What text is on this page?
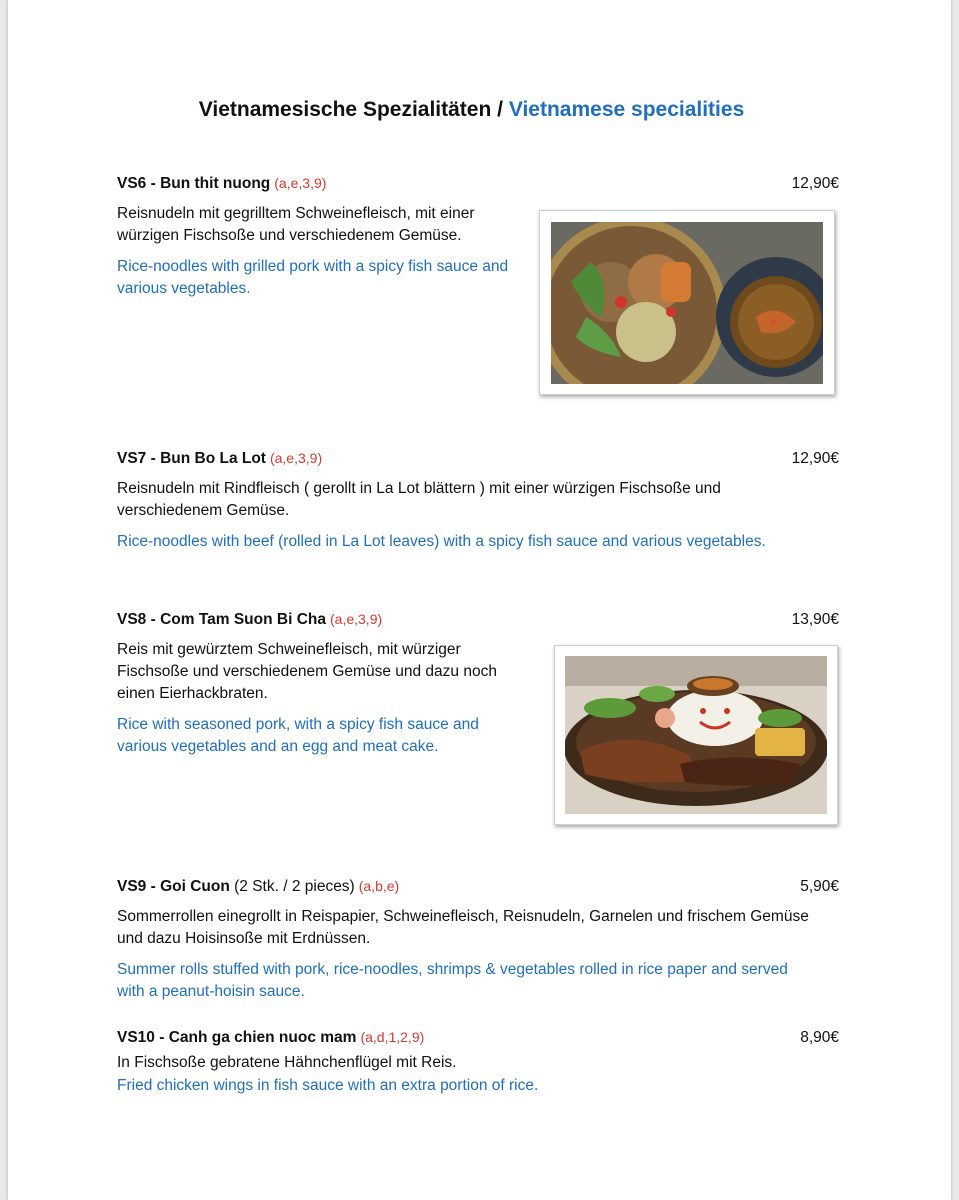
Vietnamesische Spezialitäten / Vietnamese specialities
VS6 - Bun thit nuong (a,e,3,9)	12,90€

Reisnudeln mit gegrilltem Schweinefleisch, mit einer würzigen Fischsoße und verschiedenem Gemüse.

Rice-noodles with grilled pork with a spicy fish sauce and various vegetables.

VS7 - Bun Bo La Lot (a,e,3,9)	12,90€

Reisnudeln mit Rindfleisch ( gerollt in La Lot blättern ) mit einer würzigen Fischsoße und verschiedenem Gemüse.

Rice-noodles with beef (rolled in La Lot leaves) with a spicy fish sauce and various vegetables.

VS8 - Com Tam Suon Bi Cha (a,e,3,9)	13,90€

Reis mit gewürztem Schweinefleisch, mit würziger Fischsoße und verschiedenem Gemüse und dazu noch einen Eierhackbraten.

Rice with seasoned pork, with a spicy fish sauce and various vegetables and an egg and meat cake.

VS9 - Goi Cuon (2 Stk. / 2 pieces) (a,b,e)	5,90€

Sommerrollen einegrollt in Reispapier, Schweinefleisch, Reisnudeln, Garnelen und frischem Gemüse und dazu Hoisinsoße mit Erdnüssen.

Summer rolls stuffed with pork, rice-noodles, shrimps & vegetables rolled in rice paper and served with a peanut-hoisin sauce.

VS10 - Canh ga chien nuoc mam (a,d,1,2,9)	8,90€

In Fischsoße gebratene Hähnchenflügel mit Reis.

Fried chicken wings in fish sauce with an extra portion of rice.
